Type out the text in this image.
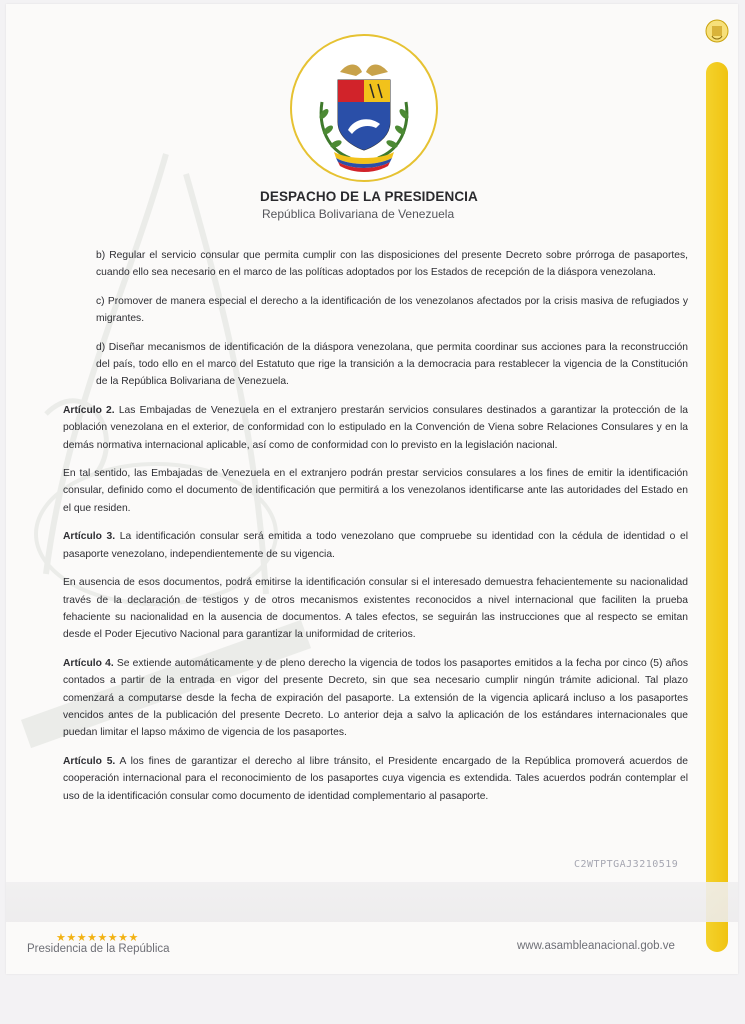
DESPACHO DE LA PRESIDENCIA
República Bolivariana de Venezuela

b) Regular el servicio consular que permita cumplir con las disposiciones del presente Decreto sobre prórroga de pasaportes, cuando ello sea necesario en el marco de las políticas adoptados por los Estados de recepción de la diáspora venezolana.

c) Promover de manera especial el derecho a la identificación de los venezolanos afectados por la crisis masiva de refugiados y migrantes.

d) Diseñar mecanismos de identificación de la diáspora venezolana, que permita coordinar sus acciones para la reconstrucción del país, todo ello en el marco del Estatuto que rige la transición a la democracia para restablecer la vigencia de la Constitución de la República Bolivariana de Venezuela.

Artículo 2. Las Embajadas de Venezuela en el extranjero prestarán servicios consulares destinados a garantizar la protección de la población venezolana en el exterior, de conformidad con lo estipulado en la Convención de Viena sobre Relaciones Consulares y en la demás normativa internacional aplicable, así como de conformidad con lo previsto en la legislación nacional.

En tal sentido, las Embajadas de Venezuela en el extranjero podrán prestar servicios consulares a los fines de emitir la identificación consular, definido como el documento de identificación que permitirá a los venezolanos identificarse ante las autoridades del Estado en el que residen.

Artículo 3. La identificación consular será emitida a todo venezolano que compruebe su identidad con la cédula de identidad o el pasaporte venezolano, independientemente de su vigencia.

En ausencia de esos documentos, podrá emitirse la identificación consular si el interesado demuestra fehacientemente su nacionalidad través de la declaración de testigos y de otros mecanismos existentes reconocidos a nivel internacional que faciliten la prueba fehaciente su nacionalidad en la ausencia de documentos. A tales efectos, se seguirán las instrucciones que al respecto se emitan desde el Poder Ejecutivo Nacional para garantizar la uniformidad de criterios.

Artículo 4. Se extiende automáticamente y de pleno derecho la vigencia de todos los pasaportes emitidos a la fecha por cinco (5) años contados a partir de la entrada en vigor del presente Decreto, sin que sea necesario cumplir ningún trámite adicional. Tal plazo comenzará a computarse desde la fecha de expiración del pasaporte. La extensión de la vigencia aplicará incluso a los pasaportes vencidos antes de la publicación del presente Decreto. Lo anterior deja a salvo la aplicación de los estándares internacionales que puedan limitar el lapso máximo de vigencia de los pasaportes.

Artículo 5. A los fines de garantizar el derecho al libre tránsito, el Presidente encargado de la República promoverá acuerdos de cooperación internacional para el reconocimiento de los pasaportes cuya vigencia es extendida. Tales acuerdos podrán contemplar el uso de la identificación consular como documento de identidad complementario al pasaporte.

C2WTPTGAJ3210519
★★★★★★★★
Presidencia de la República	www.asambleanacional.gob.ve
